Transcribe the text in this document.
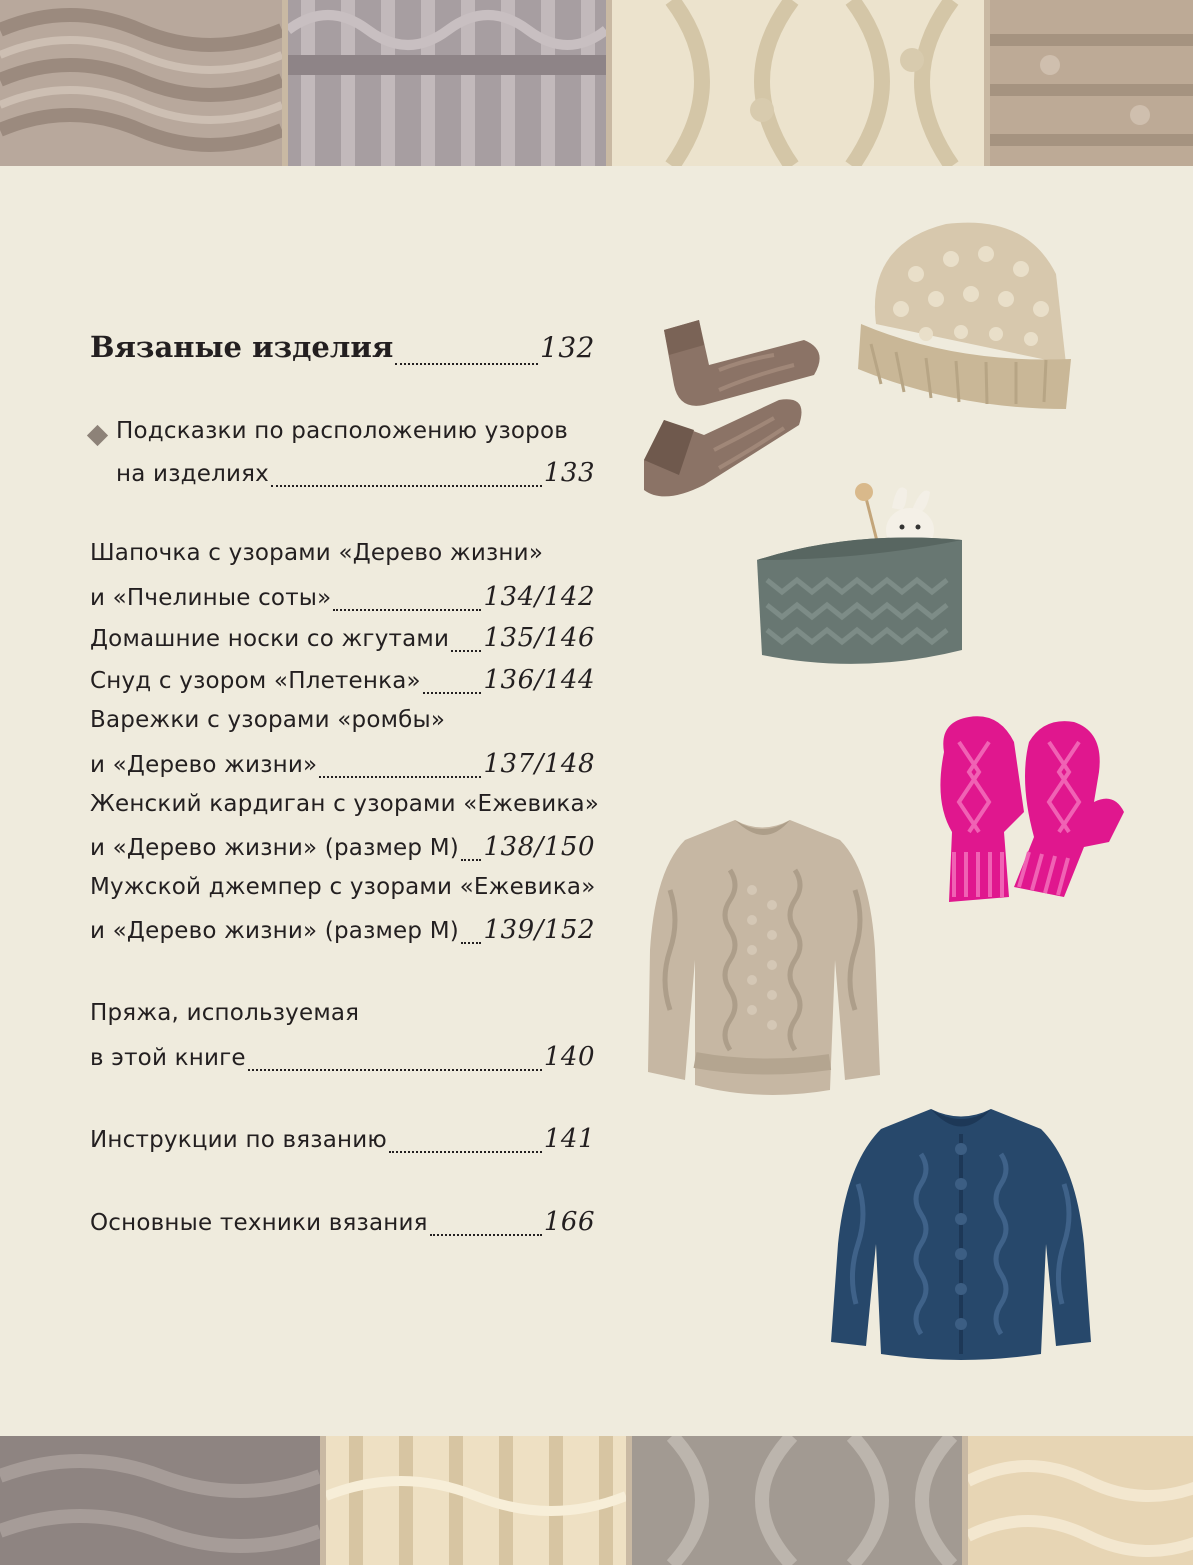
Вязаные изделия	132
Подсказки по расположению узоров
на изделиях	133
Шапочка с узорами «Дерево жизни»
и «Пчелиные соты»	134/142
Домашние носки со жгутами 135/146
Снуд с узором «Плетенка» 136/144
Варежки с узорами «ромбы»
и «Дерево жизни»	137/148
Женский кардиган с узорами «Ежевика»
и «Дерево жизни» (размер М) 138/150
Мужской джемпер с узорами «Ежевика»
и «Дерево жизни» (размер М) 139/152
Пряжа, используемая
в этой книге	140
Инструкции по вязанию	141
Основные техники вязания	166
